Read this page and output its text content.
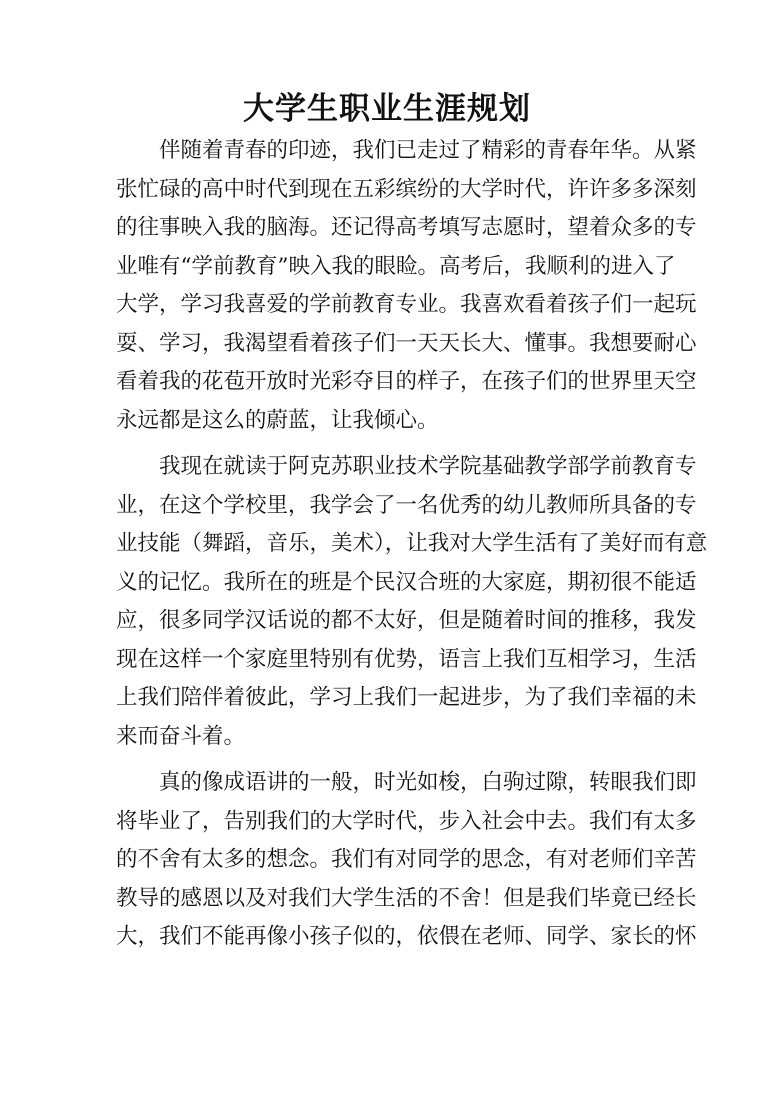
大学生职业生涯规划
伴随着青春的印迹，我们已走过了精彩的青春年华。从紧
张忙碌的高中时代到现在五彩缤纷的大学时代，许许多多深刻
的往事映入我的脑海。还记得高考填写志愿时，望着众多的专
业唯有“学前教育”映入我的眼睑。高考后，我顺利的进入了
大学，学习我喜爱的学前教育专业。我喜欢看着孩子们一起玩
耍、学习，我渴望看着孩子们一天天长大、懂事。我想要耐心
看着我的花苞开放时光彩夺目的样子，在孩子们的世界里天空
永远都是这么的蔚蓝，让我倾心。
我现在就读于阿克苏职业技术学院基础教学部学前教育专
业，在这个学校里，我学会了一名优秀的幼儿教师所具备的专
业技能（舞蹈，音乐，美术），让我对大学生活有了美好而有意
义的记忆。我所在的班是个民汉合班的大家庭，期初很不能适
应，很多同学汉话说的都不太好，但是随着时间的推移，我发
现在这样一个家庭里特别有优势，语言上我们互相学习，生活
上我们陪伴着彼此，学习上我们一起进步，为了我们幸福的未
来而奋斗着。
真的像成语讲的一般，时光如梭，白驹过隙，转眼我们即
将毕业了，告别我们的大学时代，步入社会中去。我们有太多
的不舍有太多的想念。我们有对同学的思念，有对老师们辛苦
教导的感恩以及对我们大学生活的不舍！但是我们毕竟已经长
大，我们不能再像小孩子似的，依偎在老师、同学、家长的怀
